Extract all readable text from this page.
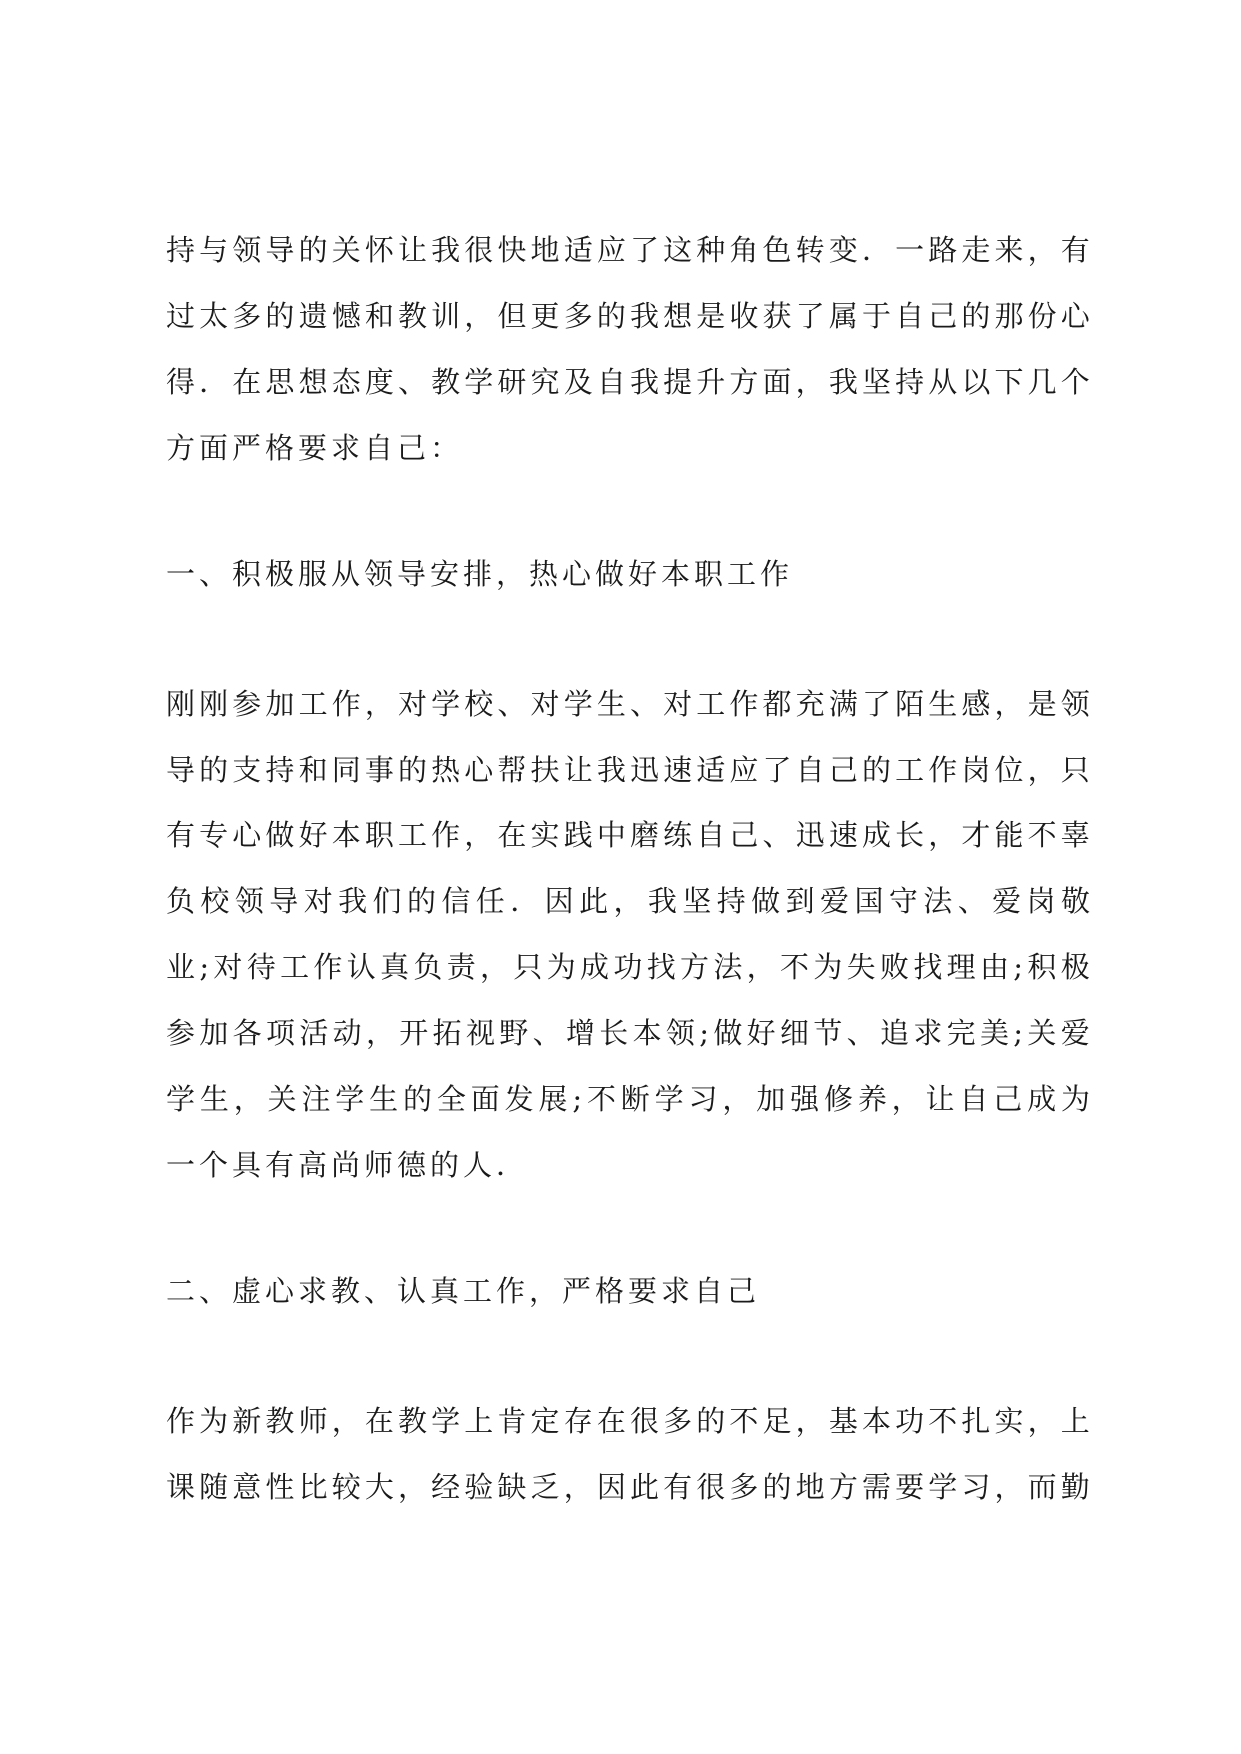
持 与 领 导 的 关 怀 让 我 很 快 地 适 应 了 这 种 角 色 转 变 ． 一 路 走 来 ， 有
过 太 多 的 遗 憾 和 教 训 ， 但 更 多 的 我 想 是 收 获 了 属 于 自 己 的 那 份 心
得 ． 在 思 想 态 度 、 教 学 研 究 及 自 我 提 升 方 面 ， 我 坚 持 从 以 下 几 个
方面严格要求自己：
一、积极服从领导安排，热心做好本职工作
刚 刚 参 加 工 作 ， 对 学 校 、 对 学 生 、 对 工 作 都 充 满 了 陌 生 感 ， 是 领
导 的 支 持 和 同 事 的 热 心 帮 扶 让 我 迅 速 适 应 了 自 己 的 工 作 岗 位 ， 只
有 专 心 做 好 本 职 工 作 ， 在 实 践 中 磨 练 自 己 、 迅 速 成 长 ， 才 能 不 辜
负 校 领 导 对 我 们 的 信 任 ． 因 此 ， 我 坚 持 做 到 爱 国 守 法 、 爱 岗 敬
业 ; 对 待 工 作 认 真 负 责 ， 只 为 成 功 找 方 法 ， 不 为 失 败 找 理 由 ; 积 极
参 加 各 项 活 动 ， 开 拓 视 野 、 增 长 本 领 ; 做 好 细 节 、 追 求 完 美 ; 关 爱
学 生 ， 关 注 学 生 的 全 面 发 展 ; 不 断 学 习 ， 加 强 修 养 ， 让 自 己 成 为
一个具有高尚师德的人．
二、虚心求教、认真工作，严格要求自己
作 为 新 教 师 ， 在 教 学 上 肯 定 存 在 很 多 的 不 足 ， 基 本 功 不 扎 实 ， 上
课 随 意 性 比 较 大 ， 经 验 缺 乏 ， 因 此 有 很 多 的 地 方 需 要 学 习 ， 而 勤
